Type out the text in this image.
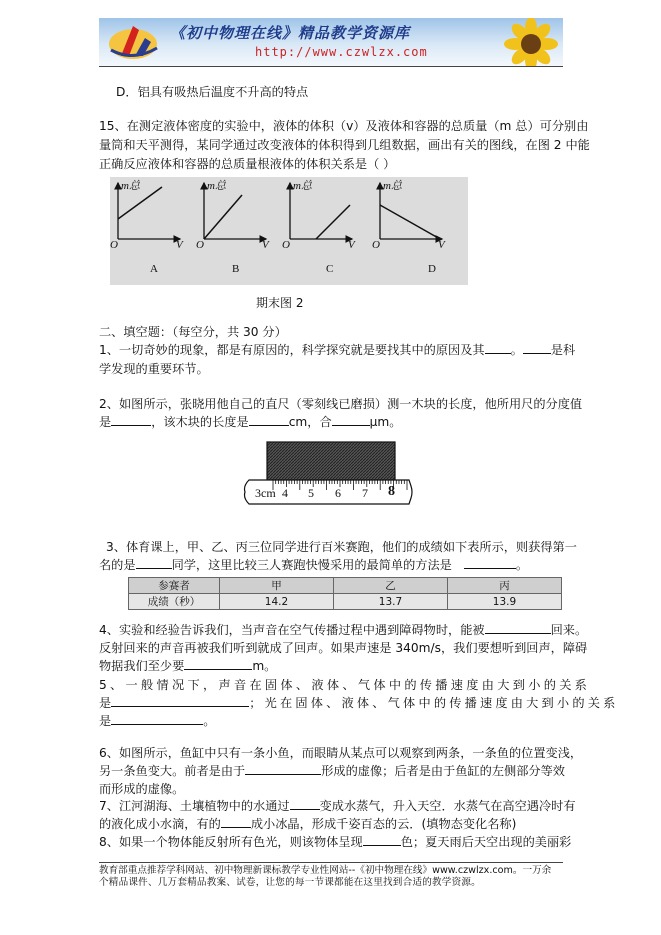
《初中物理在线》精品教学资源库
http://www.czwlzx.com
D．铝具有吸热后温度不升高的特点
15、在测定液体密度的实验中，液体的体积（v）及液体和容器的总质量（m 总）可分别由
量筒和天平测得，某同学通过改变液体的体积得到几组数据，画出有关的图线，在图 2 中能
正确反应液体和容器的总质量根液体的体积关系是（ ）
m总
O	V
A
m总
O	V
B
m总
O	V
C
m总
O	V
D
期末图 2
二、填空题：（每空分，共 30 分）
1、一切奇妙的现象，都是有原因的，科学探究就是要找其中的原因及其 。 是科
学发现的重要环节。
2、如图所示，张晓用他自己的直尺（零刻线已磨损）测一木块的长度，他所用尺的分度值
是	，该木块的长度是	cm，合	μm。
3cm 4 5 6 7 8
3、体育课上，甲、乙、丙三位同学进行百米赛跑，他们的成绩如下表所示，则获得第一
名的是	同学，这里比较三人赛跑快慢采用的最简单的方法是	。
参赛者	甲	乙	丙
成绩（秒）	14.2	13.7	13.9
4、实验和经验告诉我们，当声音在空气传播过程中遇到障碍物时，能被	回来。
反射回来的声音再被我们听到就成了回声。如果声速是 340m/s，我们要想听到回声，障碍
物据我们至少要	m。
5、一般情况下，声音在固体、液体、气体中的传播速度由大到小的关系
是	；光在固体、液体、气体中的传播速度由大到小的关系
是	。
6、如图所示，鱼缸中只有一条小鱼，而眼睛从某点可以观察到两条，一条鱼的位置变浅，
另一条鱼变大。前者是由于	形成的虚像；后者是由于鱼缸的左侧部分等效
而形成的虚像。
7、江河湖海、土壤植物中的水通过 变成水蒸气，升入天空．水蒸气在高空遇冷时有
的液化成小水滴，有的 成小冰晶，形成千姿百态的云．(填物态变化名称)
8、如果一个物体能反射所有色光，则该物体呈现	色；夏天雨后天空出现的美丽彩
教育部重点推荐学科网站、初中物理新课标教学专业性网站--《初中物理在线》www.czwlzx.com。一万余
个精品课件、几万套精品教案、试卷，让您的每一节课都能在这里找到合适的教学资源。
